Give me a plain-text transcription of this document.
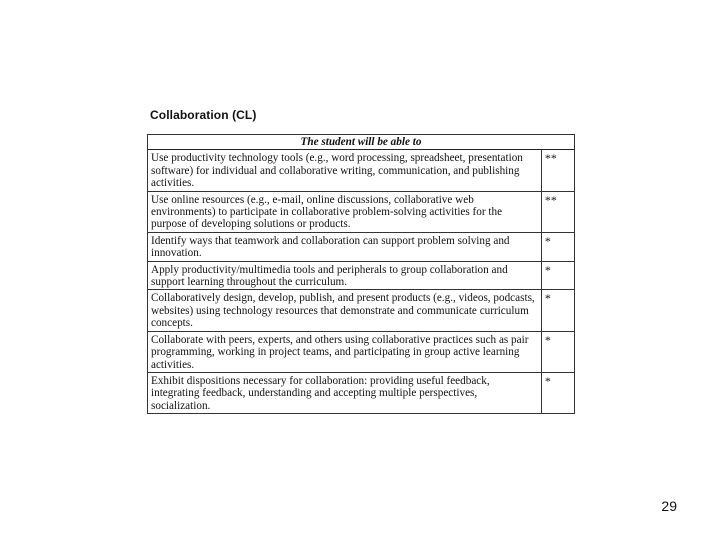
Collaboration (CL)
The student will be able to	
Use productivity technology tools (e.g., word processing, spreadsheet, presentation software) for individual and collaborative writing, communication, and publishing activities.	**
Use online resources (e.g., e-mail, online discussions, collaborative web environments) to participate in collaborative problem-solving activities for the purpose of developing solutions or products.	**
Identify ways that teamwork and collaboration can support problem solving and innovation.	*
Apply productivity/multimedia tools and peripherals to group collaboration and support learning throughout the curriculum.	*
Collaboratively design, develop, publish, and present products (e.g., videos, podcasts, websites) using technology resources that demonstrate and communicate curriculum concepts.	*
Collaborate with peers, experts, and others using collaborative practices such as pair programming, working in project teams, and participating in group active learning activities.	*
Exhibit dispositions necessary for collaboration: providing useful feedback, integrating feedback, understanding and accepting multiple perspectives, socialization.	*
29
